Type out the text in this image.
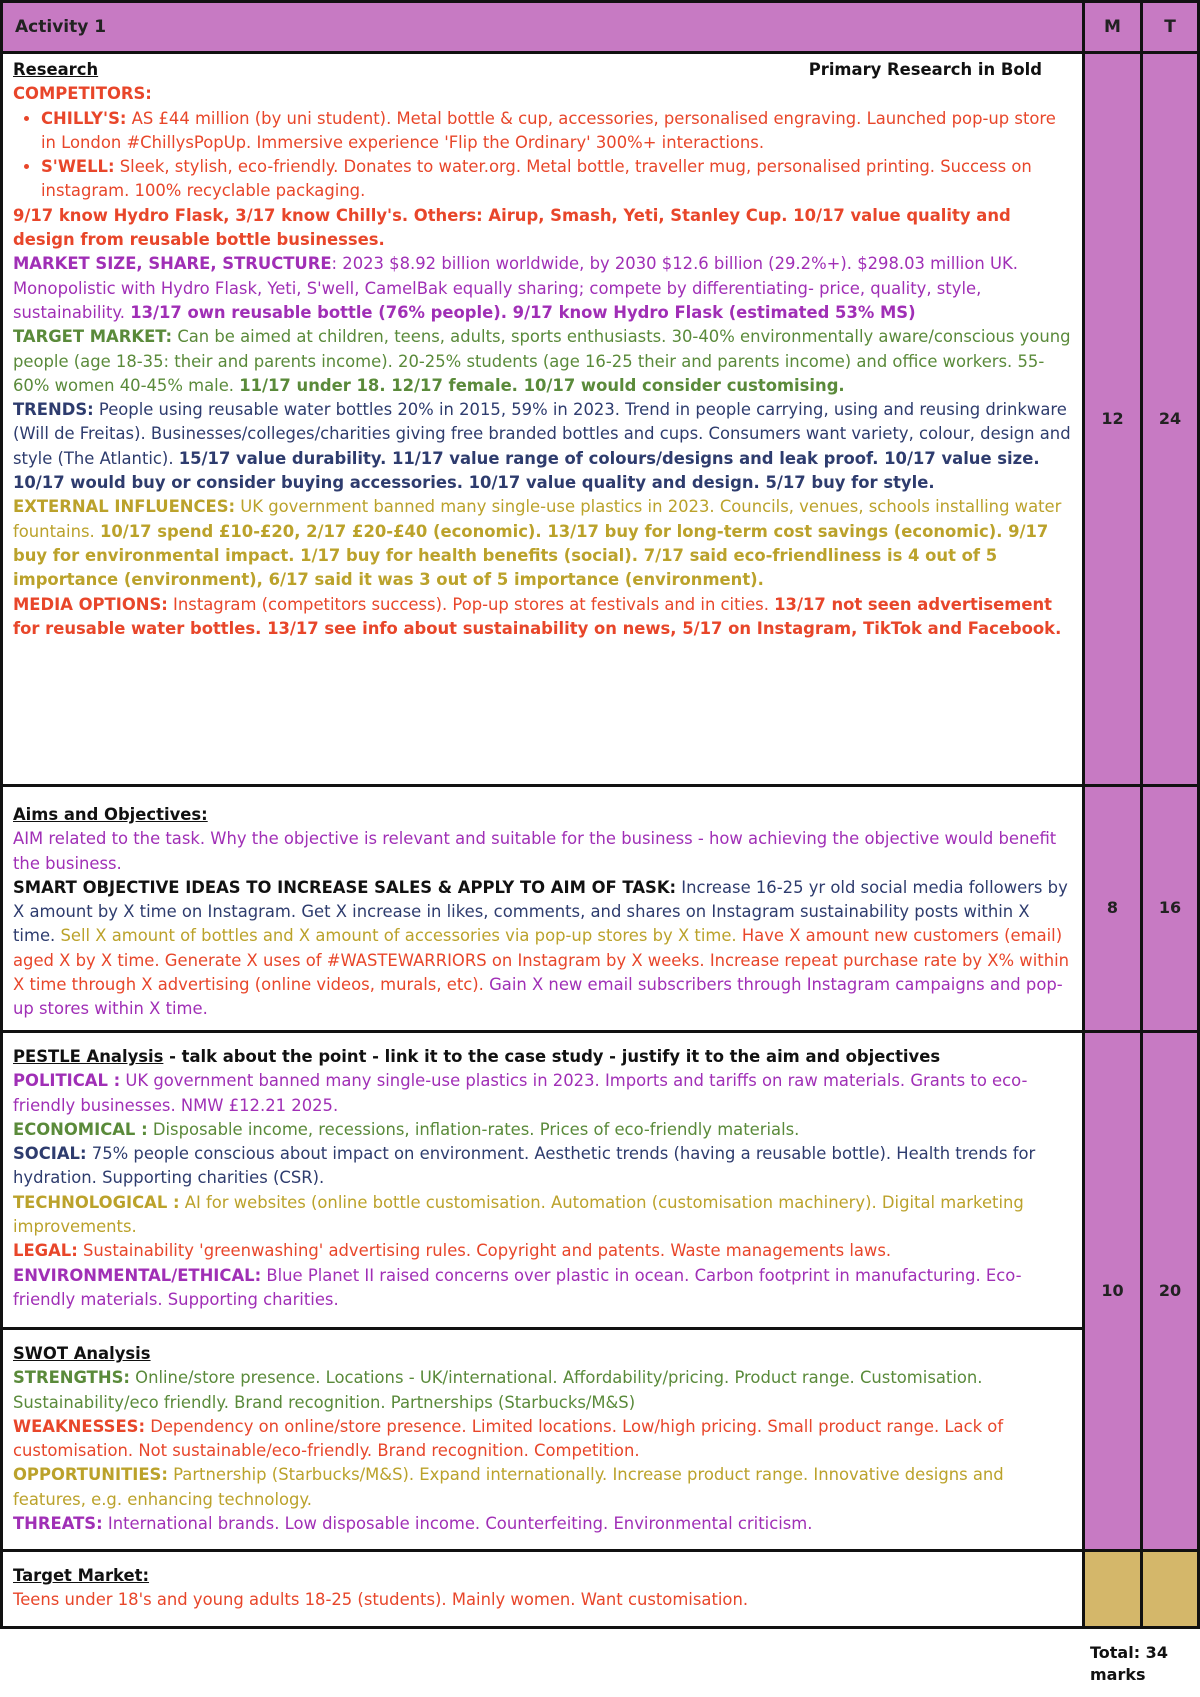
Activity 1	M	T
Research	Primary Research in Bold

COMPETITORS:

• CHILLY'S: AS £44 million (by uni student). Metal bottle & cup, accessories, personalised engraving. Launched pop-up store in London #ChillysPopUp. Immersive experience 'Flip the Ordinary' 300%+ interactions.
• S'WELL: Sleek, stylish, eco-friendly. Donates to water.org. Metal bottle, traveller mug, personalised printing. Success on instagram. 100% recyclable packaging.

9/17 know Hydro Flask, 3/17 know Chilly's. Others: Airup, Smash, Yeti, Stanley Cup. 10/17 value quality and design from reusable bottle businesses.

MARKET SIZE, SHARE, STRUCTURE: 2023 $8.92 billion worldwide, by 2030 $12.6 billion (29.2%+). $298.03 million UK. Monopolistic with Hydro Flask, Yeti, S'well, CamelBak equally sharing; compete by differentiating- price, quality, style, sustainability. 13/17 own reusable bottle (76% people). 9/17 know Hydro Flask (estimated 53% MS)

TARGET MARKET: Can be aimed at children, teens, adults, sports enthusiasts. 30-40% environmentally aware/conscious young people (age 18-35: their and parents income). 20-25% students (age 16-25 their and parents income) and office workers. 55-60% women 40-45% male. 11/17 under 18. 12/17 female. 10/17 would consider customising.

TRENDS: People using reusable water bottles 20% in 2015, 59% in 2023. Trend in people carrying, using and reusing drinkware (Will de Freitas). Businesses/colleges/charities giving free branded bottles and cups. Consumers want variety, colour, design and style (The Atlantic). 15/17 value durability. 11/17 value range of colours/designs and leak proof. 10/17 value size. 10/17 would buy or consider buying accessories. 10/17 value quality and design. 5/17 buy for style.

EXTERNAL INFLUENCES: UK government banned many single-use plastics in 2023. Councils, venues, schools installing water fountains. 10/17 spend £10-£20, 2/17 £20-£40 (economic). 13/17 buy for long-term cost savings (economic). 9/17 buy for environmental impact. 1/17 buy for health benefits (social). 7/17 said eco-friendliness is 4 out of 5 importance (environment), 6/17 said it was 3 out of 5 importance (environment).

MEDIA OPTIONS: Instagram (competitors success). Pop-up stores at festivals and in cities. 13/17 not seen advertisement for reusable water bottles. 13/17 see info about sustainability on news, 5/17 on Instagram, TikTok and Facebook.

12 24

Aims and Objectives:

AIM related to the task. Why the objective is relevant and suitable for the business - how achieving the objective would benefit the business.

SMART OBJECTIVE IDEAS TO INCREASE SALES & APPLY TO AIM OF TASK: Increase 16-25 yr old social media followers by X amount by X time on Instagram. Get X increase in likes, comments, and shares on Instagram sustainability posts within X time. Sell X amount of bottles and X amount of accessories via pop-up stores by X time. Have X amount new customers (email) aged X by X time. Generate X uses of #WASTEWARRIORS on Instagram by X weeks. Increase repeat purchase rate by X% within X time through X advertising (online videos, murals, etc). Gain X new email subscribers through Instagram campaigns and pop-up stores within X time.

8	16

PESTLE Analysis - talk about the point - link it to the case study - justify it to the aim and objectives

POLITICAL : UK government banned many single-use plastics in 2023. Imports and tariffs on raw materials. Grants to eco-friendly businesses. NMW £12.21 2025.

ECONOMICAL : Disposable income, recessions, inflation-rates. Prices of eco-friendly materials.

SOCIAL: 75% people conscious about impact on environment. Aesthetic trends (having a reusable bottle). Health trends for hydration. Supporting charities (CSR).

TECHNOLOGICAL : AI for websites (online bottle customisation. Automation (customisation machinery). Digital marketing improvements.

LEGAL: Sustainability 'greenwashing' advertising rules. Copyright and patents. Waste managements laws.

ENVIRONMENTAL/ETHICAL: Blue Planet II raised concerns over plastic in ocean. Carbon footprint in manufacturing. Eco-friendly materials. Supporting charities.

SWOT Analysis

STRENGTHS: Online/store presence. Locations - UK/international. Affordability/pricing. Product range. Customisation. Sustainability/eco friendly. Brand recognition. Partnerships (Starbucks/M&S)

WEAKNESSES: Dependency on online/store presence. Limited locations. Low/high pricing. Small product range. Lack of customisation. Not sustainable/eco-friendly. Brand recognition. Competition.

OPPORTUNITIES: Partnership (Starbucks/M&S). Expand internationally. Increase product range. Innovative designs and features, e.g. enhancing technology.

THREATS: International brands. Low disposable income. Counterfeiting. Environmental criticism.

10 20

Target Market:

Teens under 18's and young adults 18-25 (students). Mainly women. Want customisation.

Total: 34 marks
